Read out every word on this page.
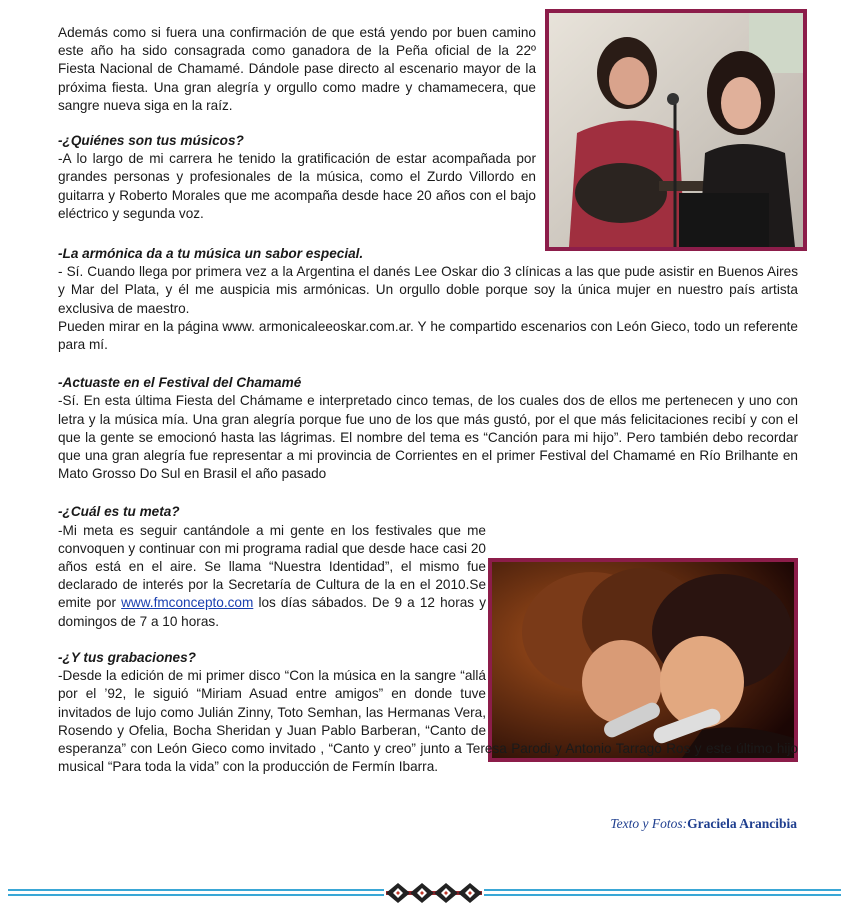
Además como si fuera una confirmación de que está yendo por buen camino este año ha sido consagrada como ganadora de la Peña oficial de la 22º Fiesta Nacional de Chamamé. Dándole pase directo al escenario mayor de la próxima fiesta. Una gran alegría y orgullo como madre y chamamecera, que sangre nueva siga en la raíz.

-¿Quiénes son tus músicos?

-A lo largo de mi carrera he tenido la gratificación de estar acompañada por grandes personas y profesionales de la música, como el Zurdo Villordo en guitarra y Roberto Morales que me acompaña desde hace 20 años con el bajo eléctrico y segunda voz.

-La armónica da a tu música un sabor especial.

- Sí. Cuando llega por primera vez a la Argentina el danés Lee Oskar dio 3 clínicas a las que pude asistir en Buenos Aires y Mar del Plata, y él me auspicia mis armónicas. Un orgullo doble porque soy la única mujer en nuestro país artista exclusiva de maestro.

Pueden mirar en la página www. armonicaleeoskar.com.ar. Y he compartido escenarios con León Gieco, todo un referente para mí.

-Actuaste en el Festival del Chamamé

-Sí. En esta última Fiesta del Chámame e interpretado cinco temas, de los cuales dos de ellos me pertenecen y uno con letra y la música mía. Una gran alegría porque fue uno de los que más gustó, por el que más felicitaciones recibí y con el que la gente se emocionó hasta las lágrimas. El nombre del tema es “Canción para mi hijo”. Pero también debo recordar que una gran alegría fue representar a mi provincia de Corrientes en el primer Festival del Chamamé en Río Brilhante en Mato Grosso Do Sul en Brasil el año pasado

-¿Cuál es tu meta?

-Mi meta es seguir cantándole a mi gente en los festivales que me convoquen y continuar con mi programa radial que desde hace casi 20 años está en el aire. Se llama “Nuestra Identidad”, el mismo fue declarado de interés por la Secretaría de Cultura de la en el 2010.Se emite por www.fmconcepto.com los días sábados. De 9 a 12 horas y domingos de 7 a 10 horas.

-¿Y tus grabaciones?

-Desde la edición de mi primer disco “Con la música en la sangre “allá por el ’92, le siguió “Miriam Asuad entre amigos” en donde tuve invitados de lujo como Julián Zinny, Toto Semhan, las Hermanas Vera, Rosendo y Ofelia, Bocha Sheridan y Juan Pablo Barberan, “Canto de esperanza” con León Gieco como invitado , “Canto y creo” junto a Teresa Parodi y Antonio Tarragó Ros y este último hijo musical “Para toda la vida” con la producción de Fermín Ibarra.

Texto y Fotos:Graciela Arancibia
